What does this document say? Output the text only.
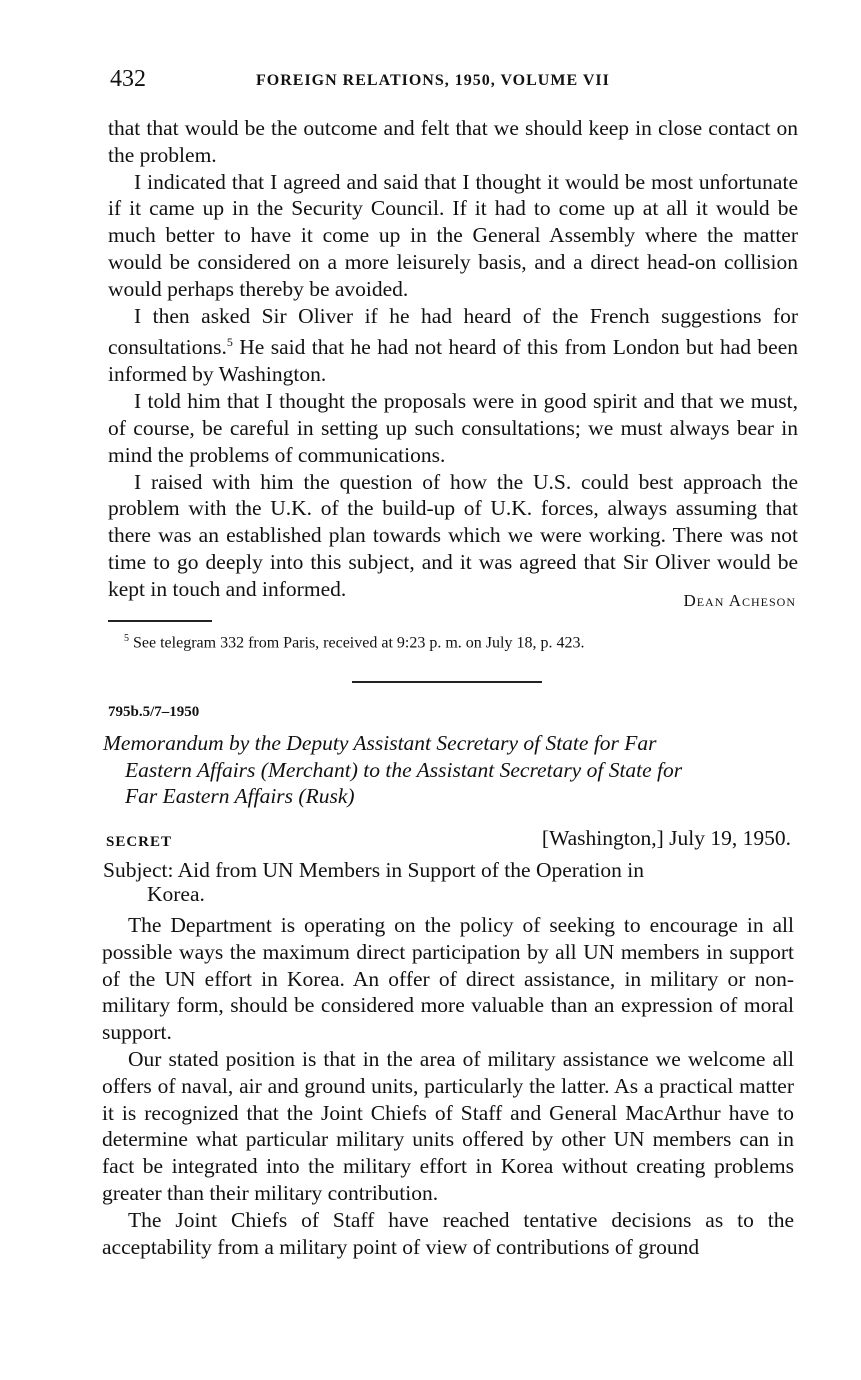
432	FOREIGN RELATIONS, 1950, VOLUME VII

that that would be the outcome and felt that we should keep in close contact on the problem.

I indicated that I agreed and said that I thought it would be most unfortunate if it came up in the Security Council. If it had to come up at all it would be much better to have it come up in the General Assembly where the matter would be considered on a more leisurely basis, and a direct head-on collision would perhaps thereby be avoided.

I then asked Sir Oliver if he had heard of the French suggestions for consultations.$^5$ He said that he had not heard of this from London but had been informed by Washington.

I told him that I thought the proposals were in good spirit and that we must, of course, be careful in setting up such consultations; we must always bear in mind the problems of communications.

I raised with him the question of how the U.S. could best approach the problem with the U.K. of the build-up of U.K. forces, always assuming that there was an established plan towards which we were working. There was not time to go deeply into this subject, and it was agreed that Sir Oliver would be kept in touch and informed.	Dean Acheson
$^5$ See telegram 332 from Paris, received at 9:23 p. m. on July 18, p. 423.
795b.5/7–1950
Memorandum by the Deputy Assistant Secretary of State for Far
Eastern Affairs (Merchant) to the Assistant Secretary of State for
Far Eastern Affairs (Rusk)
SECRET	[Washington,] July 19, 1950.
Subject: Aid from UN Members in Support of the Operation in
Korea.

The Department is operating on the policy of seeking to encourage in all possible ways the maximum direct participation by all UN members in support of the UN effort in Korea. An offer of direct assistance, in military or non-military form, should be considered more valuable than an expression of moral support.

Our stated position is that in the area of military assistance we welcome all offers of naval, air and ground units, particularly the latter. As a practical matter it is recognized that the Joint Chiefs of Staff and General MacArthur have to determine what particular military units offered by other UN members can in fact be integrated into the military effort in Korea without creating problems greater than their military contribution.

The Joint Chiefs of Staff have reached tentative decisions as to the acceptability from a military point of view of contributions of ground
